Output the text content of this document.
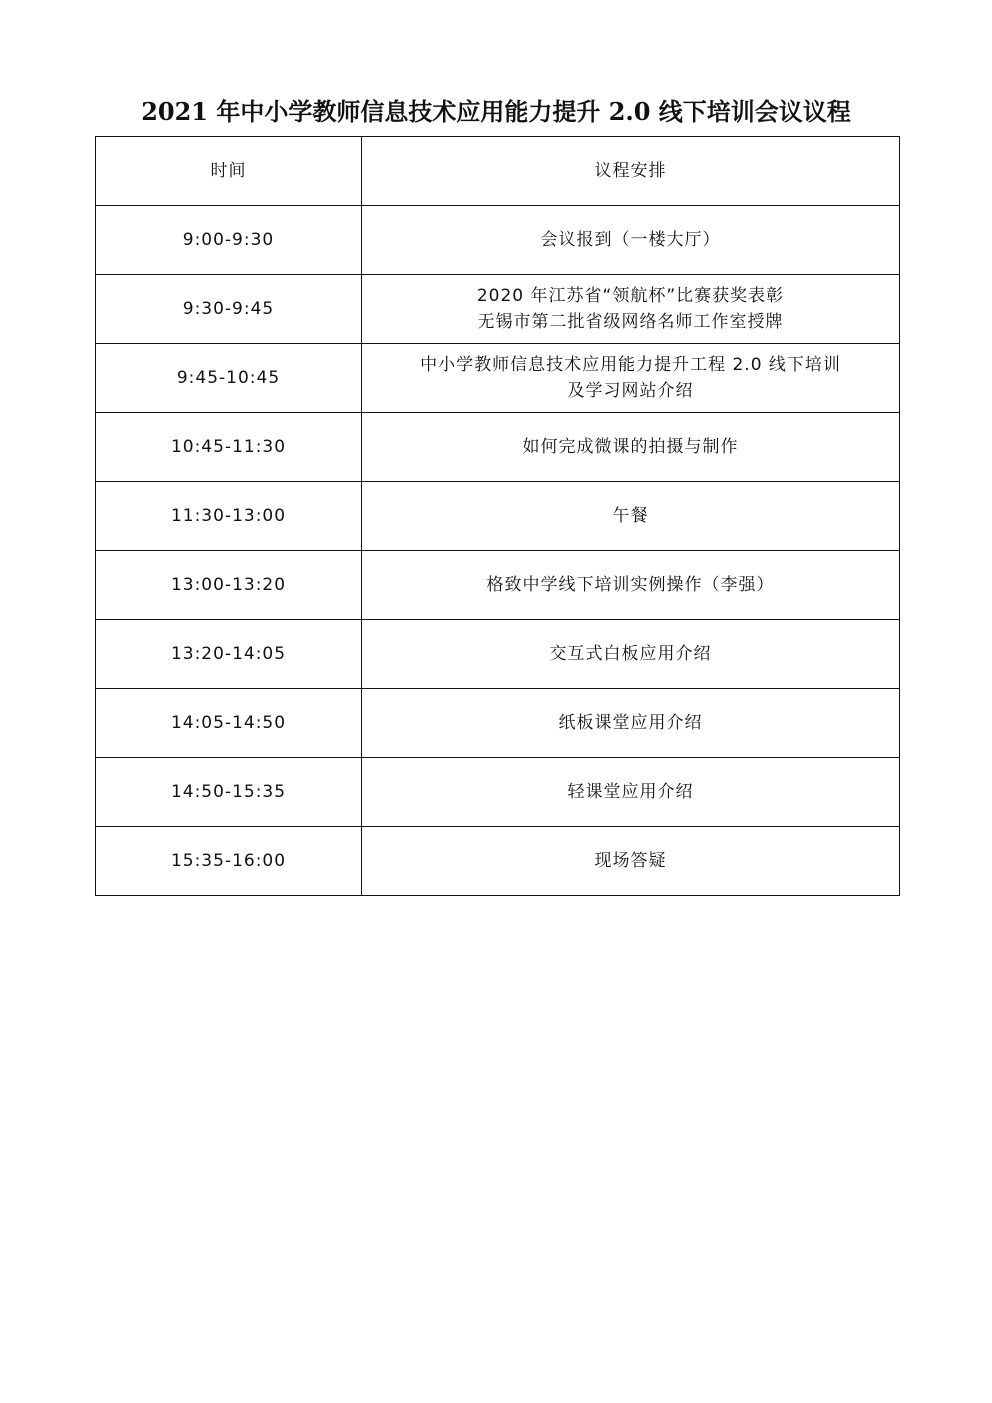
2021 年中小学教师信息技术应用能力提升 2.0 线下培训会议议程
时间	议程安排

9:00-9:30	会议报到（一楼大厅）

9:30-9:45	2020 年江苏省“领航杯”比赛获奖表彰
无锡市第二批省级网络名师工作室授牌

9:45-10:45	中小学教师信息技术应用能力提升工程 2.0 线下培训
及学习网站介绍

10:45-11:30	如何完成微课的拍摄与制作

11:30-13:00	午餐

13:00-13:20	格致中学线下培训实例操作（李强）

13:20-14:05	交互式白板应用介绍

14:05-14:50	纸板课堂应用介绍

14:50-15:35	轻课堂应用介绍

15:35-16:00	现场答疑
